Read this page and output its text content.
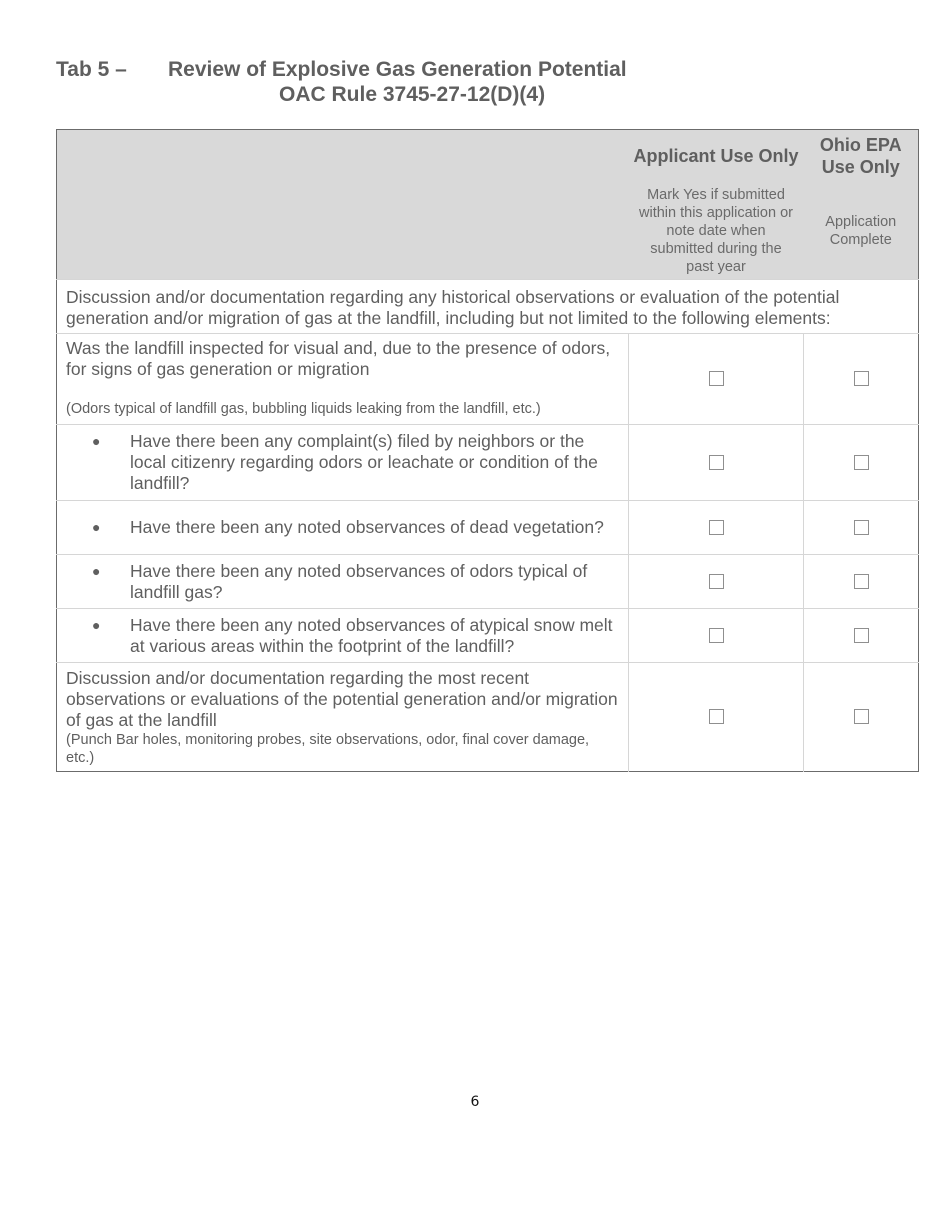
Tab 5 – Review of Explosive Gas Generation Potential
OAC Rule 3745-27-12(D)(4)
	Applicant Use Only	Ohio EPA Use Only
	Mark Yes if submitted within this application or note date when submitted during the past year	Application Complete
Discussion and/or documentation regarding any historical observations or evaluation of the potential generation and/or migration of gas at the landfill, including but not limited to the following elements:		

Was the landfill inspected for visual and, due to the presence of odors, for signs of gas generation or migration
(Odors typical of landfill gas, bubbling liquids leaking from the landfill, etc.)		

● Have there been any complaint(s) filed by neighbors or the local citizenry regarding odors or leachate or condition of the landfill?		

● Have there been any noted observances of dead vegetation?		

● Have there been any noted observances of odors typical of landfill gas?		

● Have there been any noted observances of atypical snow melt at various areas within the footprint of the landfill?		

Discussion and/or documentation regarding the most recent observations or evaluations of the potential generation and/or migration of gas at the landfill
(Punch Bar holes, monitoring probes, site observations, odor, final cover damage, etc.)		

6
